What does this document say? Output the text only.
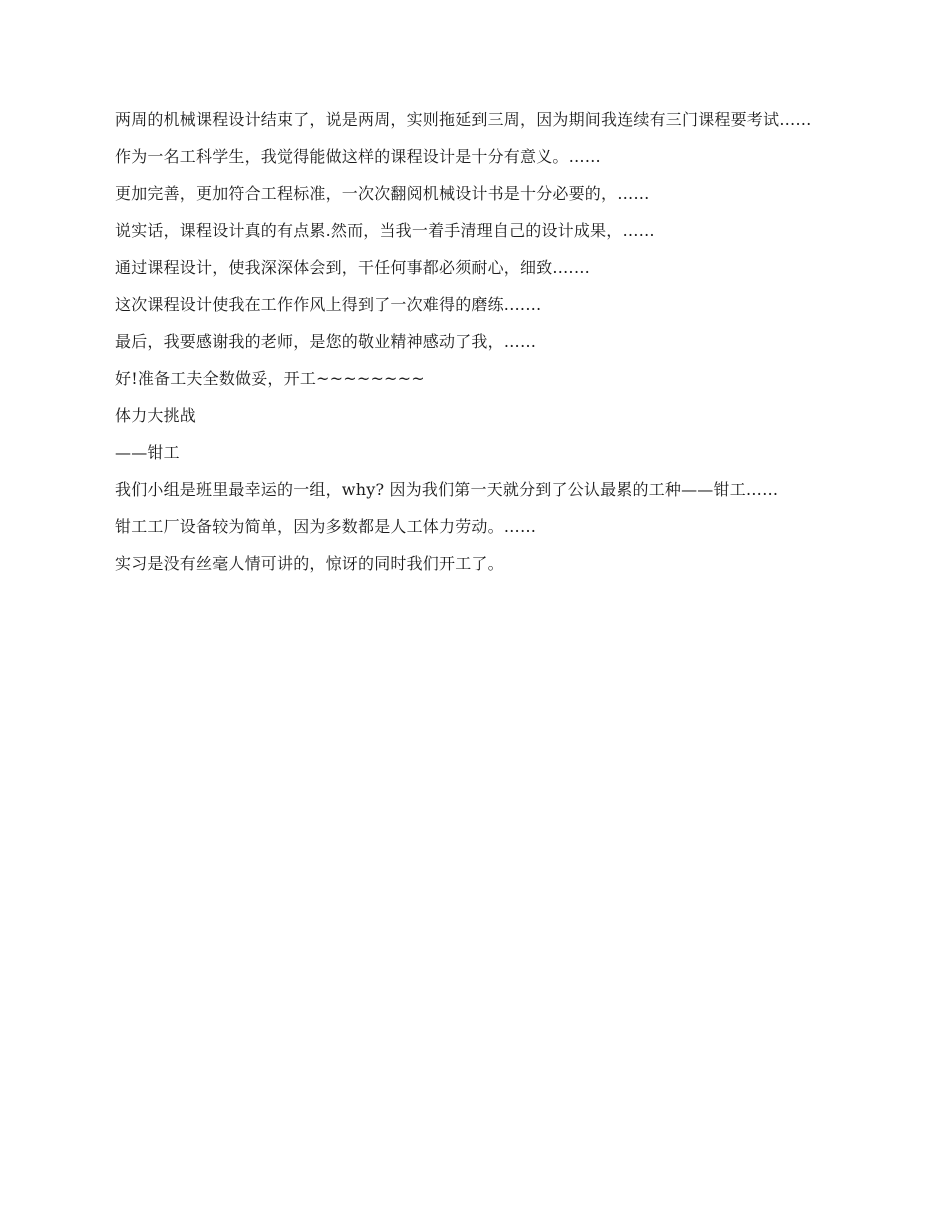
两周的机械课程设计结束了，说是两周，实则拖延到三周，因为期间我连续有三门课程要考试……

作为一名工科学生，我觉得能做这样的课程设计是十分有意义。……

更加完善，更加符合工程标准，一次次翻阅机械设计书是十分必要的，……

说实话，课程设计真的有点累.然而，当我一着手清理自己的设计成果，……

通过课程设计，使我深深体会到，干任何事都必须耐心，细致.……

这次课程设计使我在工作作风上得到了一次难得的磨练.……

最后，我要感谢我的老师，是您的敬业精神感动了我，……

好!准备工夫全数做妥，开工~~~~~~~~

体力大挑战

——钳工

我们小组是班里最幸运的一组，why? 因为我们第一天就分到了公认最累的工种——钳工……

钳工工厂设备较为简单，因为多数都是人工体力劳动。……

实习是没有丝毫人情可讲的，惊讶的同时我们开工了。
